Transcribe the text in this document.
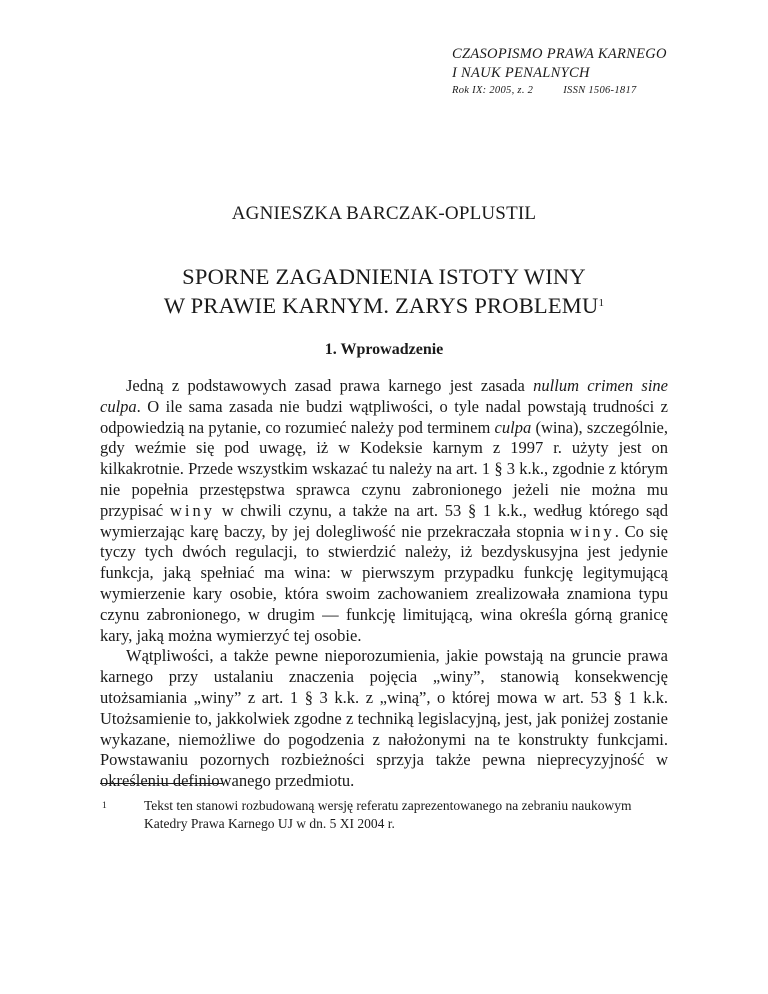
CZASOPISMO PRAWA KARNEGO
I NAUK PENALNYCH
Rok IX: 2005, z. 2	ISSN 1506-1817
AGNIESZKA BARCZAK-OPLUSTIL
SPORNE ZAGADNIENIA ISTOTY WINY
W PRAWIE KARNYM. ZARYS PROBLEMU$^1$
1. Wprowadzenie

Jedną z podstawowych zasad prawa karnego jest zasada nullum crimen sine culpa. O ile sama zasada nie budzi wątpliwości, o tyle nadal powstają trudności z odpowiedzią na pytanie, co rozumieć należy pod terminem culpa (wina), szczególnie, gdy weźmie się pod uwagę, iż w Kodeksie karnym z 1997 r. użyty jest on kilkakrotnie. Przede wszystkim wskazać tu należy na art. 1 § 3 k.k., zgodnie z którym nie popełnia przestępstwa sprawca czynu zabronionego jeżeli nie można mu przypisać winy w chwili czynu, a także na art. 53 § 1 k.k., według którego sąd wymierzając karę baczy, by jej dolegliwość nie przekraczała stopnia winy. Co się tyczy tych dwóch regulacji, to stwierdzić należy, iż bezdyskusyjna jest jedynie funkcja, jaką spełniać ma wina: w pierwszym przypadku funkcję legitymującą wymierzenie kary osobie, która swoim zachowaniem zrealizowała znamiona typu czynu zabronionego, w drugim — funkcję limitującą, wina określa górną granicę kary, jaką można wymierzyć tej osobie.

Wątpliwości, a także pewne nieporozumienia, jakie powstają na gruncie prawa karnego przy ustalaniu znaczenia pojęcia „winy”, stanowią konsekwencję utożsamiania „winy” z art. 1 § 3 k.k. z „winą”, o której mowa w art. 53 § 1 k.k. Utożsamienie to, jakkolwiek zgodne z techniką legislacyjną, jest, jak poniżej zostanie wykazane, niemożliwe do pogodzenia z nałożonymi na te konstrukty funkcjami. Powstawaniu pozornych rozbieżności sprzyja także pewna nieprecyzyjność w określeniu definiowanego przedmiotu.

1	Tekst ten stanowi rozbudowaną wersję referatu zaprezentowanego na zebraniu naukowym Katedry Prawa Karnego UJ w dn. 5 XI 2004 r.
